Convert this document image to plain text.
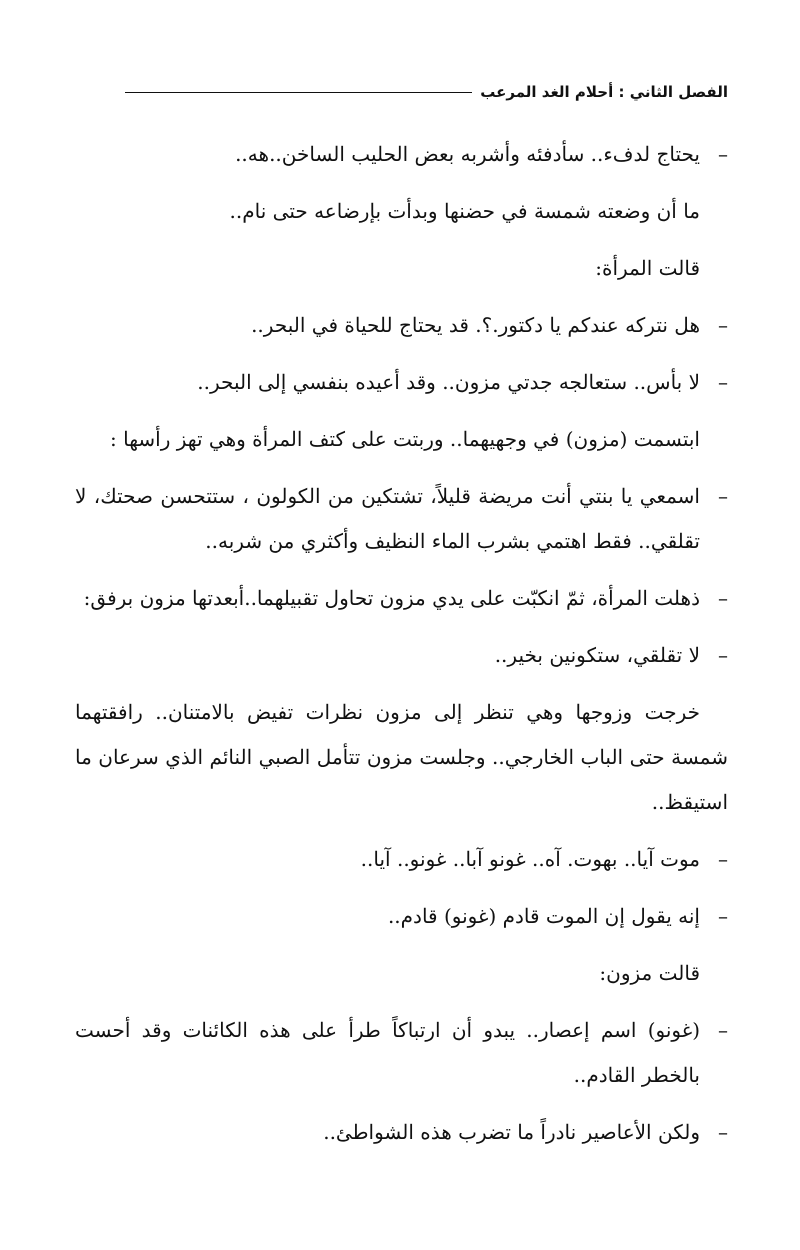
الفصل الثاني : أحلام الغد المرعب

–
يحتاج لدفء.. سأدفئه وأشربه بعض الحليب الساخن..هه..

ما أن وضعته شمسة في حضنها وبدأت بإرضاعه حتى نام..

قالت المرأة:

–
هل نتركه عندكم يا دكتور.؟. قد يحتاج للحياة في البحر..

–
لا بأس.. ستعالجه جدتي مزون.. وقد أعيده بنفسي إلى البحر..

ابتسمت (مزون) في وجهيهما.. وربتت على كتف المرأة وهي تهز رأسها :

–
اسمعي يا بنتي أنت مريضة قليلاً، تشتكين من الكولون ، ستتحسن صحتك، لا تقلقي.. فقط اهتمي بشرب الماء النظيف وأكثري من شربه..

–
ذهلت المرأة، ثمّ انكبّت على يدي مزون تحاول تقبيلهما..أبعدتها مزون برفق:

–
لا تقلقي، ستكونين بخير..

خرجت وزوجها وهي تنظر إلى مزون نظرات تفيض بالامتنان.. رافقتهما شمسة حتى الباب الخارجي.. وجلست مزون تتأمل الصبي النائم الذي سرعان ما استيقظ..

–
موت آيا.. بهوت. آه.. غونو آبا.. غونو.. آيا..

–
إنه يقول إن الموت قادم (غونو) قادم..

قالت مزون:

–
(غونو) اسم إعصار.. يبدو أن ارتباكاً طرأ على هذه الكائنات وقد أحست بالخطر القادم..

–
ولكن الأعاصير نادراً ما تضرب هذه الشواطئ..
